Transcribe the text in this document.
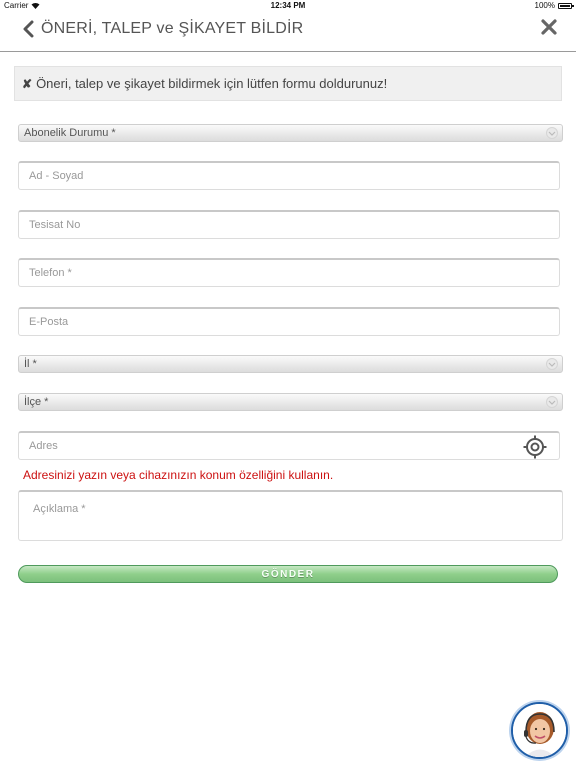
Carrier	12:34 PM	100%
ÖNERİ, TALEP ve ŞİKAYET BİLDİR
✘ Öneri, talep ve şikayet bildirmek için lütfen formu doldurunuz!
Abonelik Durumu *
Ad - Soyad
Tesisat No
Telefon *
E-Posta
İl *
İlçe *
Adres
Adresinizi yazın veya cihazınızın konum özelliğini kullanın.
Açıklama *
GÖNDER
